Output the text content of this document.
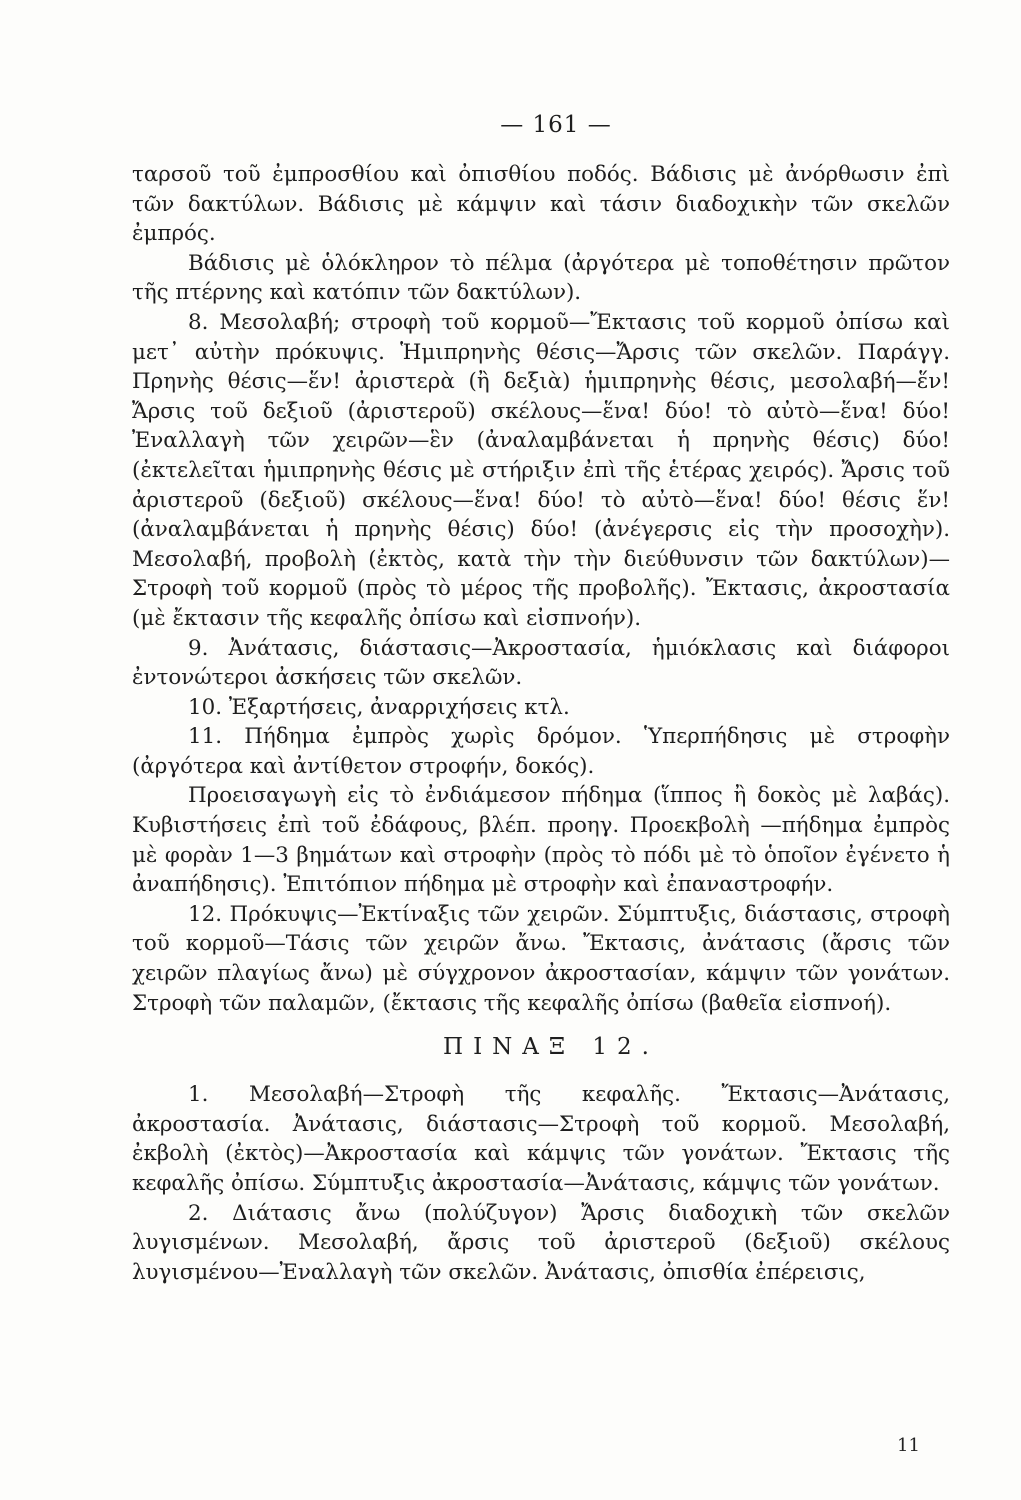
— 161 —

ταρσοῦ τοῦ ἐμπροσθίου καὶ ὀπισθίου ποδός. Βάδισις μὲ ἀνόρθωσιν ἐπὶ τῶν δακτύλων. Βάδισις μὲ κάμψιν καὶ τάσιν διαδοχικὴν τῶν σκελῶν ἐμπρός.

Βάδισις μὲ ὁλόκληρον τὸ πέλμα (ἀργότερα μὲ τοποθέτησιν πρῶτον τῆς πτέρνης καὶ κατόπιν τῶν δακτύλων).

8. Μεσολαβή; στροφὴ τοῦ κορμοῦ—Ἔκτασις τοῦ κορμοῦ ὀπίσω καὶ μετ᾽ αὐτὴν πρόκυψις. Ἡμιπρηνὴς θέσις—Ἄρσις τῶν σκελῶν. Παράγγ. Πρηνὴς θέσις—ἕν! ἀριστερὰ (ἢ δεξιὰ) ἡμιπρηνὴς θέσις, μεσολαβή—ἕν! Ἄρσις τοῦ δεξιοῦ (ἀριστεροῦ) σκέλους—ἕνα! δύο! τὸ αὐτὸ—ἕνα! δύο! Ἐναλλαγὴ τῶν χειρῶν—ἓν (ἀναλαμβάνεται ἡ πρηνὴς θέσις) δύο! (ἐκτελεῖται ἡμιπρηνὴς θέσις μὲ στήριξιν ἐπὶ τῆς ἑτέρας χειρός). Ἄρσις τοῦ ἀριστεροῦ (δεξιοῦ) σκέλους—ἕνα! δύο! τὸ αὐτὸ—ἕνα! δύο! θέσις ἕν! (ἀναλαμβάνεται ἡ πρηνὴς θέσις) δύο! (ἀνέγερσις εἰς τὴν προσοχὴν). Μεσολαβή, προβολὴ (ἐκτὸς, κατὰ τὴν τὴν διεύθυνσιν τῶν δακτύλων)—Στροφὴ τοῦ κορμοῦ (πρὸς τὸ μέρος τῆς προβολῆς). Ἔκτασις, ἀκροστασία (μὲ ἔκτασιν τῆς κεφαλῆς ὀπίσω καὶ εἰσπνοήν).

9. Ἀνάτασις, διάστασις—Ἀκροστασία, ἡμιόκλασις καὶ διάφοροι ἐντονώτεροι ἀσκήσεις τῶν σκελῶν.

10. Ἐξαρτήσεις, ἀναρριχήσεις κτλ.

11. Πήδημα ἐμπρὸς χωρὶς δρόμον. Ὑπερπήδησις μὲ στροφὴν (ἀργότερα καὶ ἀντίθετον στροφήν, δοκός).

Προεισαγωγὴ εἰς τὸ ἐνδιάμεσον πήδημα (ἵππος ἢ δοκὸς μὲ λαβάς). Κυβιστήσεις ἐπὶ τοῦ ἐδάφους, βλέπ. προηγ. Προεκβολὴ —πήδημα ἐμπρὸς μὲ φορὰν 1—3 βημάτων καὶ στροφὴν (πρὸς τὸ πόδι μὲ τὸ ὁποῖον ἐγένετο ἡ ἀναπήδησις). Ἐπιτόπιον πήδημα μὲ στροφὴν καὶ ἐπαναστροφήν.

12. Πρόκυψις—Ἐκτίναξις τῶν χειρῶν. Σύμπτυξις, διάστασις, στροφὴ τοῦ κορμοῦ—Τάσις τῶν χειρῶν ἄνω. Ἔκτασις, ἀνάτασις (ἄρσις τῶν χειρῶν πλαγίως ἄνω) μὲ σύγχρονον ἀκροστασίαν, κάμψιν τῶν γονάτων. Στροφὴ τῶν παλαμῶν, (ἔκτασις τῆς κεφαλῆς ὀπίσω (βαθεῖα εἰσπνοή).

ΠΙΝΑΞ 12.

1. Μεσολαβή—Στροφὴ τῆς κεφαλῆς. Ἔκτασις—Ἀνάτασις, ἀκροστασία. Ἀνάτασις, διάστασις—Στροφὴ τοῦ κορμοῦ. Μεσολαβή, ἐκβολὴ (ἐκτὸς)—Ἀκροστασία καὶ κάμψις τῶν γονάτων. Ἔκτασις τῆς κεφαλῆς ὀπίσω. Σύμπτυξις ἀκροστασία—Ἀνάτασις, κάμψις τῶν γονάτων.

2. Διάτασις ἄνω (πολύζυγον) Ἄρσις διαδοχικὴ τῶν σκελῶν λυγισμένων. Μεσολαβή, ἄρσις τοῦ ἀριστεροῦ (δεξιοῦ) σκέλους λυγισμένου—Ἐναλλαγὴ τῶν σκελῶν. Ἀνάτασις, ὀπισθία ἐπέρεισις,

11
